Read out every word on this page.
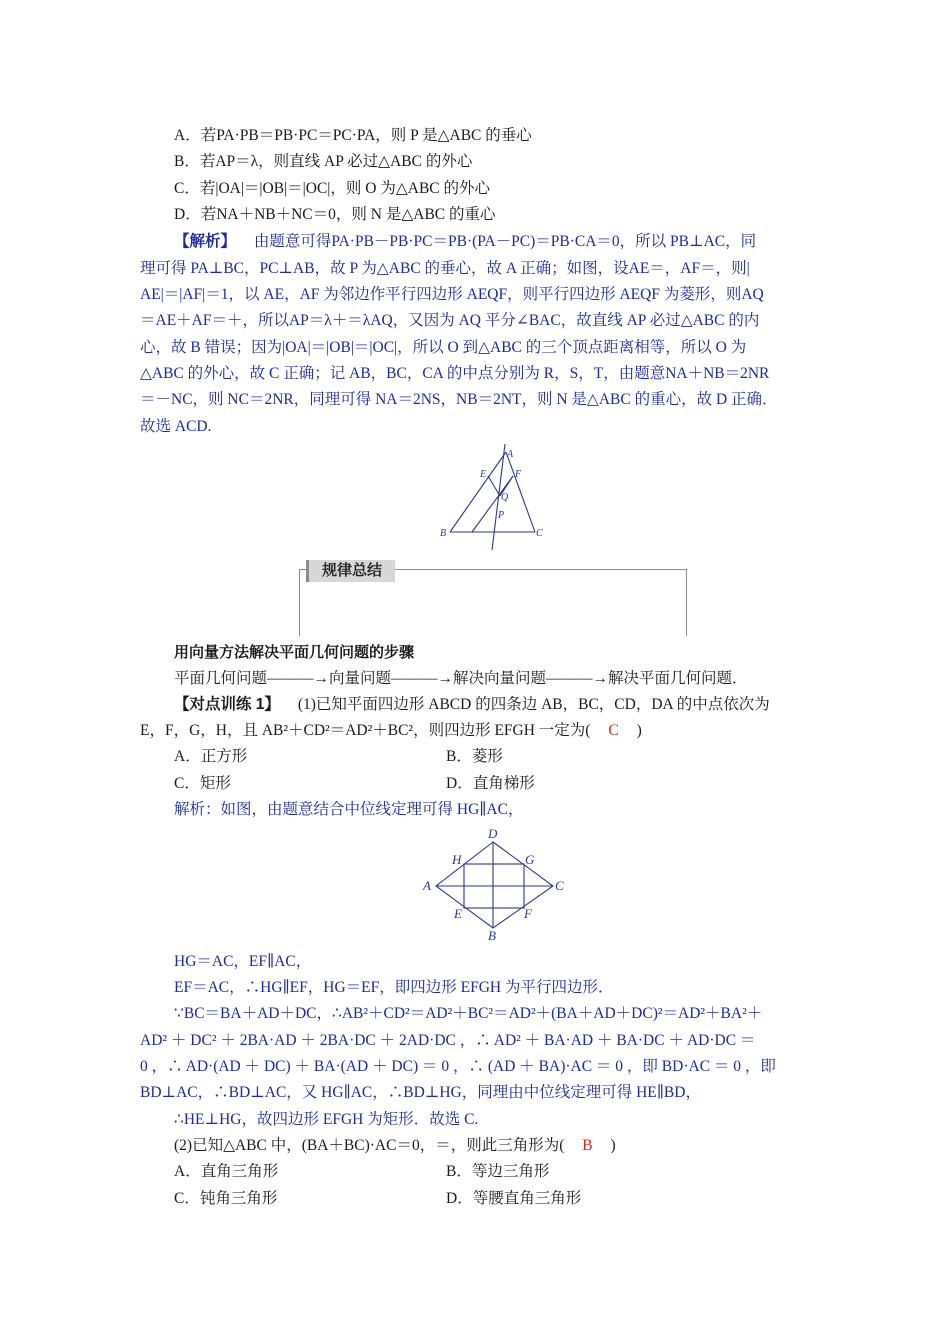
A．若PA·PB＝PB·PC＝PC·PA，则 P 是△ABC 的垂心
B．若AP＝λ，则直线 AP 必过△ABC 的外心
C．若|OA|＝|OB|＝|OC|，则 O 为△ABC 的外心
D．若NA＋NB＋NC＝0，则 N 是△ABC 的重心
【解析】 由题意可得PA·PB－PB·PC＝PB·(PA－PC)＝PB·CA＝0，所以 PB⊥AC，同
理可得 PA⊥BC，PC⊥AB，故 P 为△ABC 的垂心，故 A 正确；如图，设AE＝，AF＝，则|
AE|＝|AF|＝1，以 AE，AF 为邻边作平行四边形 AEQF，则平行四边形 AEQF 为菱形，则AQ
＝AE＋AF＝＋，所以AP＝λ＋＝λAQ，又因为 AQ 平分∠BAC，故直线 AP 必过△ABC 的内
心，故 B 错误；因为|OA|＝|OB|＝|OC|，所以 O 到△ABC 的三个顶点距离相等，所以 O 为
△ABC 的外心，故 C 正确；记 AB，BC，CA 的中点分别为 R，S，T，由题意NA＋NB＝2NR
＝－NC，则 NC＝2NR，同理可得 NA＝2NS，NB＝2NT，则 N 是△ABC 的重心，故 D 正确．
故选 ACD.
A
E	F
Q
P
B	C
规律总结
用向量方法解决平面几何问题的步骤
平面几何问题———→向量问题———→解决向量问题———→解决平面几何问题．
【对点训练 1】 (1)已知平面四边形 ABCD 的四条边 AB，BC，CD，DA 的中点依次为
E，F，G，H，且 AB²＋CD²＝AD²＋BC²，则四边形 EFGH 一定为( C )
A．正方形	B．菱形
C．矩形	D．直角梯形
解析：如图，由题意结合中位线定理可得 HG∥AC，
D
H	G
A	C
E	F
B
HG＝AC，EF∥AC，
EF＝AC，∴HG∥EF，HG＝EF，即四边形 EFGH 为平行四边形．
∵BC＝BA＋AD＋DC，∴AB²＋CD²＝AD²＋BC²＝AD²＋(BA＋AD＋DC)²＝AD²＋BA²＋
AD² ＋ DC² ＋ 2BA·AD ＋ 2BA·DC ＋ 2AD·DC ，∴ AD² ＋ BA·AD ＋ BA·DC ＋ AD·DC ＝
0 ，∴ AD·(AD ＋ DC) ＋ BA·(AD ＋ DC) ＝ 0 ，∴ (AD ＋ BA)·AC ＝ 0 ，即 BD·AC ＝ 0 ，即
BD⊥AC，∴BD⊥AC，又 HG∥AC，∴BD⊥HG，同理由中位线定理可得 HE∥BD，
∴HE⊥HG，故四边形 EFGH 为矩形．故选 C.
(2)已知△ABC 中，(BA＋BC)·AC＝0，＝，则此三角形为( B )
A．直角三角形	B．等边三角形
C．钝角三角形	D．等腰直角三角形
